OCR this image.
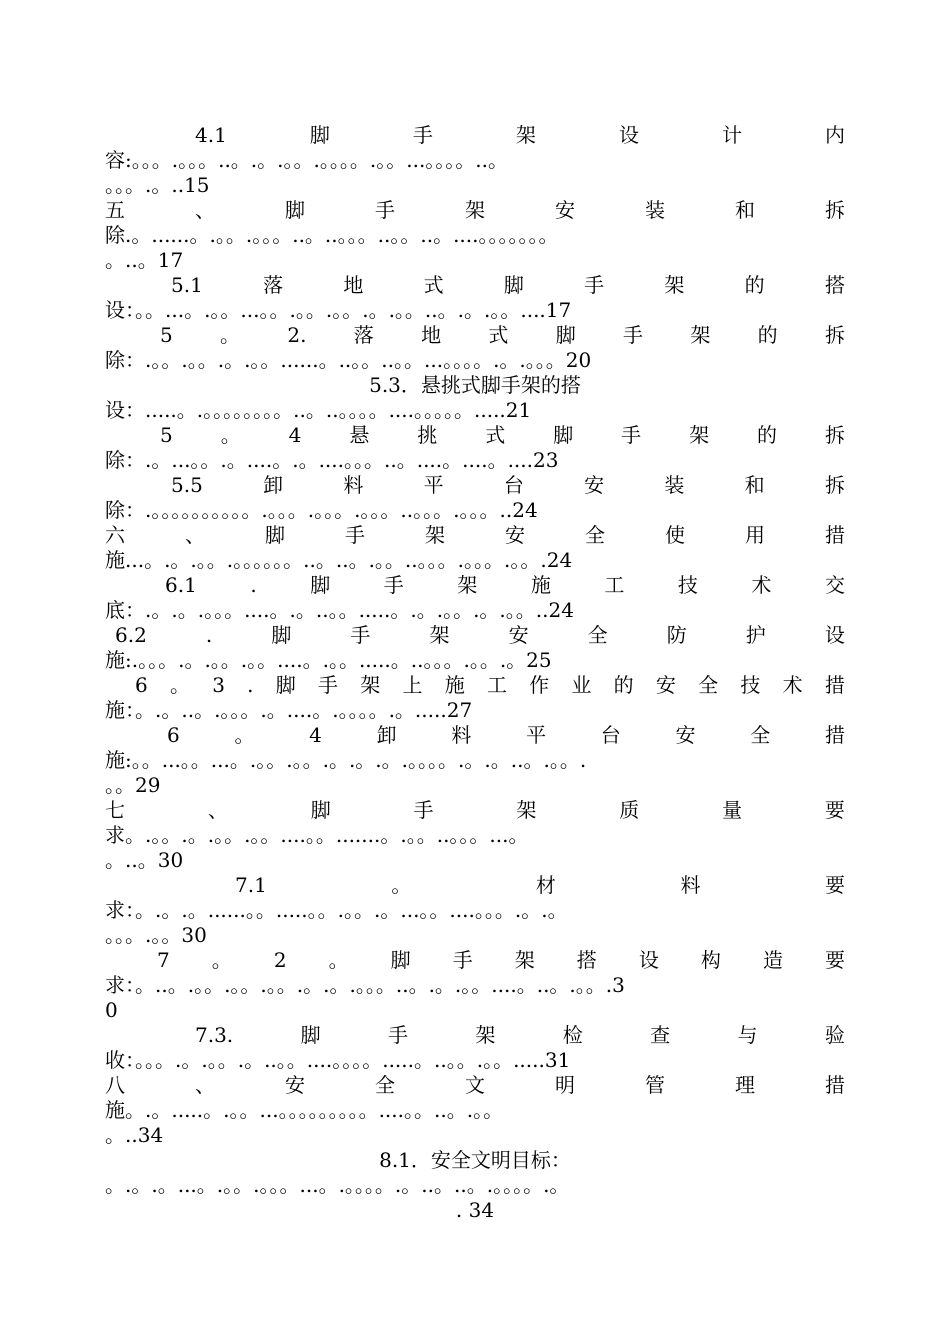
4.1	脚	手	架	设	计	内
容:。。。.。。。..。.。.。。.。。。。.。。...。。。。..。
。。。.。..15
五	、	脚	手	架	安	装	和	拆
除.。......。.。。.。。。..。..。。。..。。..。....。。。。。。。
。..。17
5.1	落	地	式	脚	手	架	的	搭
设：。。...。.。。...。。.。。.。。.。.。。..。.。.。。....17
5 。 2. 落 地 式 脚 手 架 的 拆
除：.。。.。。.。.。。......。..。。..。。...。。。。.。.。。。20
5.3．悬挑式脚手架的搭
设：.....。.。。。。。。。。..。..。。。。....。。。。。.....21
5 。 4 悬 挑 式 脚 手 架 的 拆
除：.。...。。.。....。.。....。。。..。....。....。....23
5.5	卸	料	平	台	安	装	和	拆
除：.。。。。。。。。。。.。。。.。。。.。。。..。。。.。。。..24
六	、	脚	手	架	安	全	使	用	措
施...。.。.。。.。。。。。。..。..。.。。..。。。.。。。.。。.24
6.1	.	脚	手	架	施	工	技	术	交
底：.。.。.。。。....。.。..。。.....。.。.。。.。.。。..24
6.2	.	脚	手	架	安	全	防	护	设
施:.。。。.。.。。.。。....。.。。.....。..。。。.。。.。25
6 。 3 . 脚 手 架 上 施 工 作 业 的 安 全 技 术 措
施：。.。..。.。。。.。....。.。。。。.。.....27
6	。	4	卸	料	平	台	安	全	措
施:。。...。。...。.。。.。。.。.。.。.。。。。.。.。..。.。。.
。。29
七	、	脚	手	架	质	量	要
求。.。。.。.。。.。。....。。.......。.。。..。。。...。
。..。30
7.1	。	材	料	要
求：。.。.。......。。.....。。.。。.。...。。....。。。.。.。
。。。.。。30
7 。 2 。 脚 手 架 搭 设 构 造 要
求：。..。.。。.。。.。。.。.。.。。。..。.。.。。....。..。.。。.3
0
7.3.	脚	手	架	检	查	与	验
收：。。。.。.。。.。..。。....。。。。.....。..。。.。。.....31
八	、	安	全	文	明	管	理	措
施。.。.....。.。。...。。。。。。。。。....。。..。.。。
。..34
8.1．安全文明目标：
。.。.。...。.。。.。。。...。.。。。。.。..。..。.。。。。.。
. 34
